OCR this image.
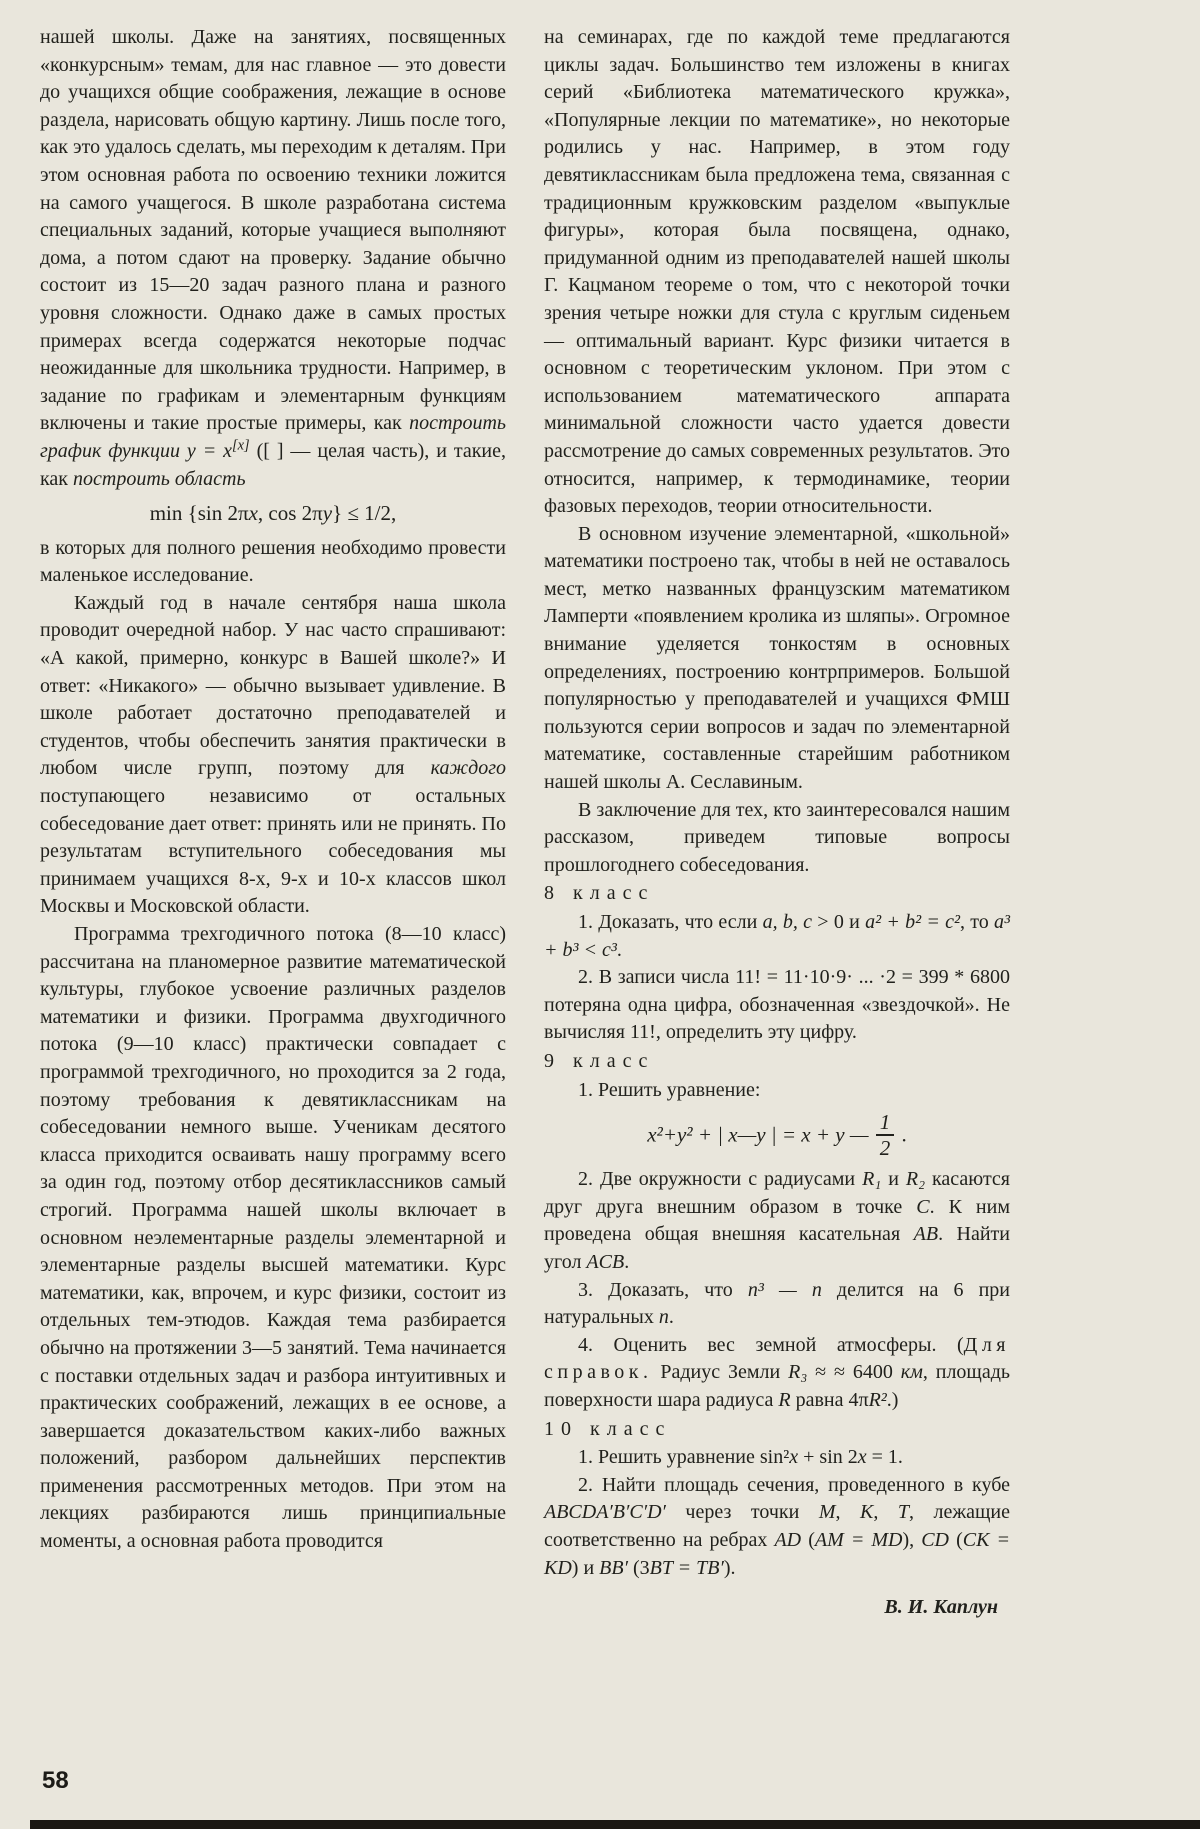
нашей школы. Даже на занятиях, посвященных «конкурсным» темам, для нас главное — это довести до учащихся общие соображения, лежащие в основе раздела, нарисовать общую картину. Лишь после того, как это удалось сделать, мы переходим к деталям. При этом основная работа по освоению техники ложится на самого учащегося. В школе разработана система специальных заданий, которые учащиеся выполняют дома, а потом сдают на проверку. Задание обычно состоит из 15—20 задач разного плана и разного уровня сложности. Однако даже в самых простых примерах всегда содержатся некоторые подчас неожиданные для школьника трудности. Например, в задание по графикам и элементарным функциям включены и такие простые примеры, как построить график функции y = x[x] ([ ] — целая часть), и такие, как построить область

min {sin 2πx, cos 2πy} ≤ 1/2,

в которых для полного решения необходимо провести маленькое исследование.

Каждый год в начале сентября наша школа проводит очередной набор. У нас часто спрашивают: «А какой, примерно, конкурс в Вашей школе?» И ответ: «Никакого» — обычно вызывает удивление. В школе работает достаточно преподавателей и студентов, чтобы обеспечить занятия практически в любом числе групп, поэтому для каждого поступающего независимо от остальных собеседование дает ответ: принять или не принять. По результатам вступительного собеседования мы принимаем учащихся 8-х, 9-х и 10-х классов школ Москвы и Московской области.

Программа трехгодичного потока (8—10 класс) рассчитана на планомерное развитие математической культуры, глубокое усвоение различных разделов математики и физики. Программа двухгодичного потока (9—10 класс) практически совпадает с программой трехгодичного, но проходится за 2 года, поэтому требования к девятиклассникам на собеседовании немного выше. Ученикам десятого класса приходится осваивать нашу программу всего за один год, поэтому отбор десятиклассников самый строгий. Программа нашей школы включает в основном неэлементарные разделы элементарной и элементарные разделы высшей математики. Курс математики, как, впрочем, и курс физики, состоит из отдельных тем-этюдов. Каждая тема разбирается обычно на протяжении 3—5 занятий. Тема начинается с поставки отдельных задач и разбора интуитивных и практических соображений, лежащих в ее основе, а завершается доказательством каких-либо важных положений, разбором дальнейших перспектив применения рассмотренных методов. При этом на лекциях разбираются лишь принципиальные моменты, а основная работа проводится

на семинарах, где по каждой теме предлагаются циклы задач. Большинство тем изложены в книгах серий «Библиотека математического кружка», «Популярные лекции по математике», но некоторые родились у нас. Например, в этом году девятиклассникам была предложена тема, связанная с традиционным кружковским разделом «выпуклые фигуры», которая была посвящена, однако, придуманной одним из преподавателей нашей школы Г. Кацманом теореме о том, что с некоторой точки зрения четыре ножки для стула с круглым сиденьем — оптимальный вариант. Курс физики читается в основном с теоретическим уклоном. При этом с использованием математического аппарата минимальной сложности часто удается довести рассмотрение до самых современных результатов. Это относится, например, к термодинамике, теории фазовых переходов, теории относительности.

В основном изучение элементарной, «школьной» математики построено так, чтобы в ней не оставалось мест, метко названных французским математиком Ламперти «появлением кролика из шляпы». Огромное внимание уделяется тонкостям в основных определениях, построению контрпримеров. Большой популярностью у преподавателей и учащихся ФМШ пользуются серии вопросов и задач по элементарной математике, составленные старейшим работником нашей школы А. Сеславиным.

В заключение для тех, кто заинтересовался нашим рассказом, приведем типовые вопросы прошлогоднего собеседования.

8 класс

1. Доказать, что если a, b, c > 0 и a² + b² = c², то a³ + b³ < c³.

2. В записи числа 11! = 11·10·9· ... ·2 = 399 * 6800 потеряна одна цифра, обозначенная «звездочкой». Не вычисляя 11!, определить эту цифру.

9 класс

1. Решить уравнение:

x²+y² + | x—y | = x + y — $\frac{1}{2}$ .

2. Две окружности с радиусами R₁ и R₂ касаются друг друга внешним образом в точке C. К ним проведена общая внешняя касательная AB. Найти угол ACB.

3. Доказать, что n³ — n делится на 6 при натуральных n.

4. Оценить вес земной атмосферы. (Для справок. Радиус Земли R₃ ≈ ≈ 6400 км, площадь поверхности шара радиуса R равна 4πR².)

10 класс

1. Решить уравнение sin²x + sin 2x = 1.

2. Найти площадь сечения, проведенного в кубе ABCDA′B′C′D′ через точки M, K, T, лежащие соответственно на ребрах AD (AM = MD), CD (CK = KD) и BB′ (3BT = TB′).

В. И. Каплун
58
